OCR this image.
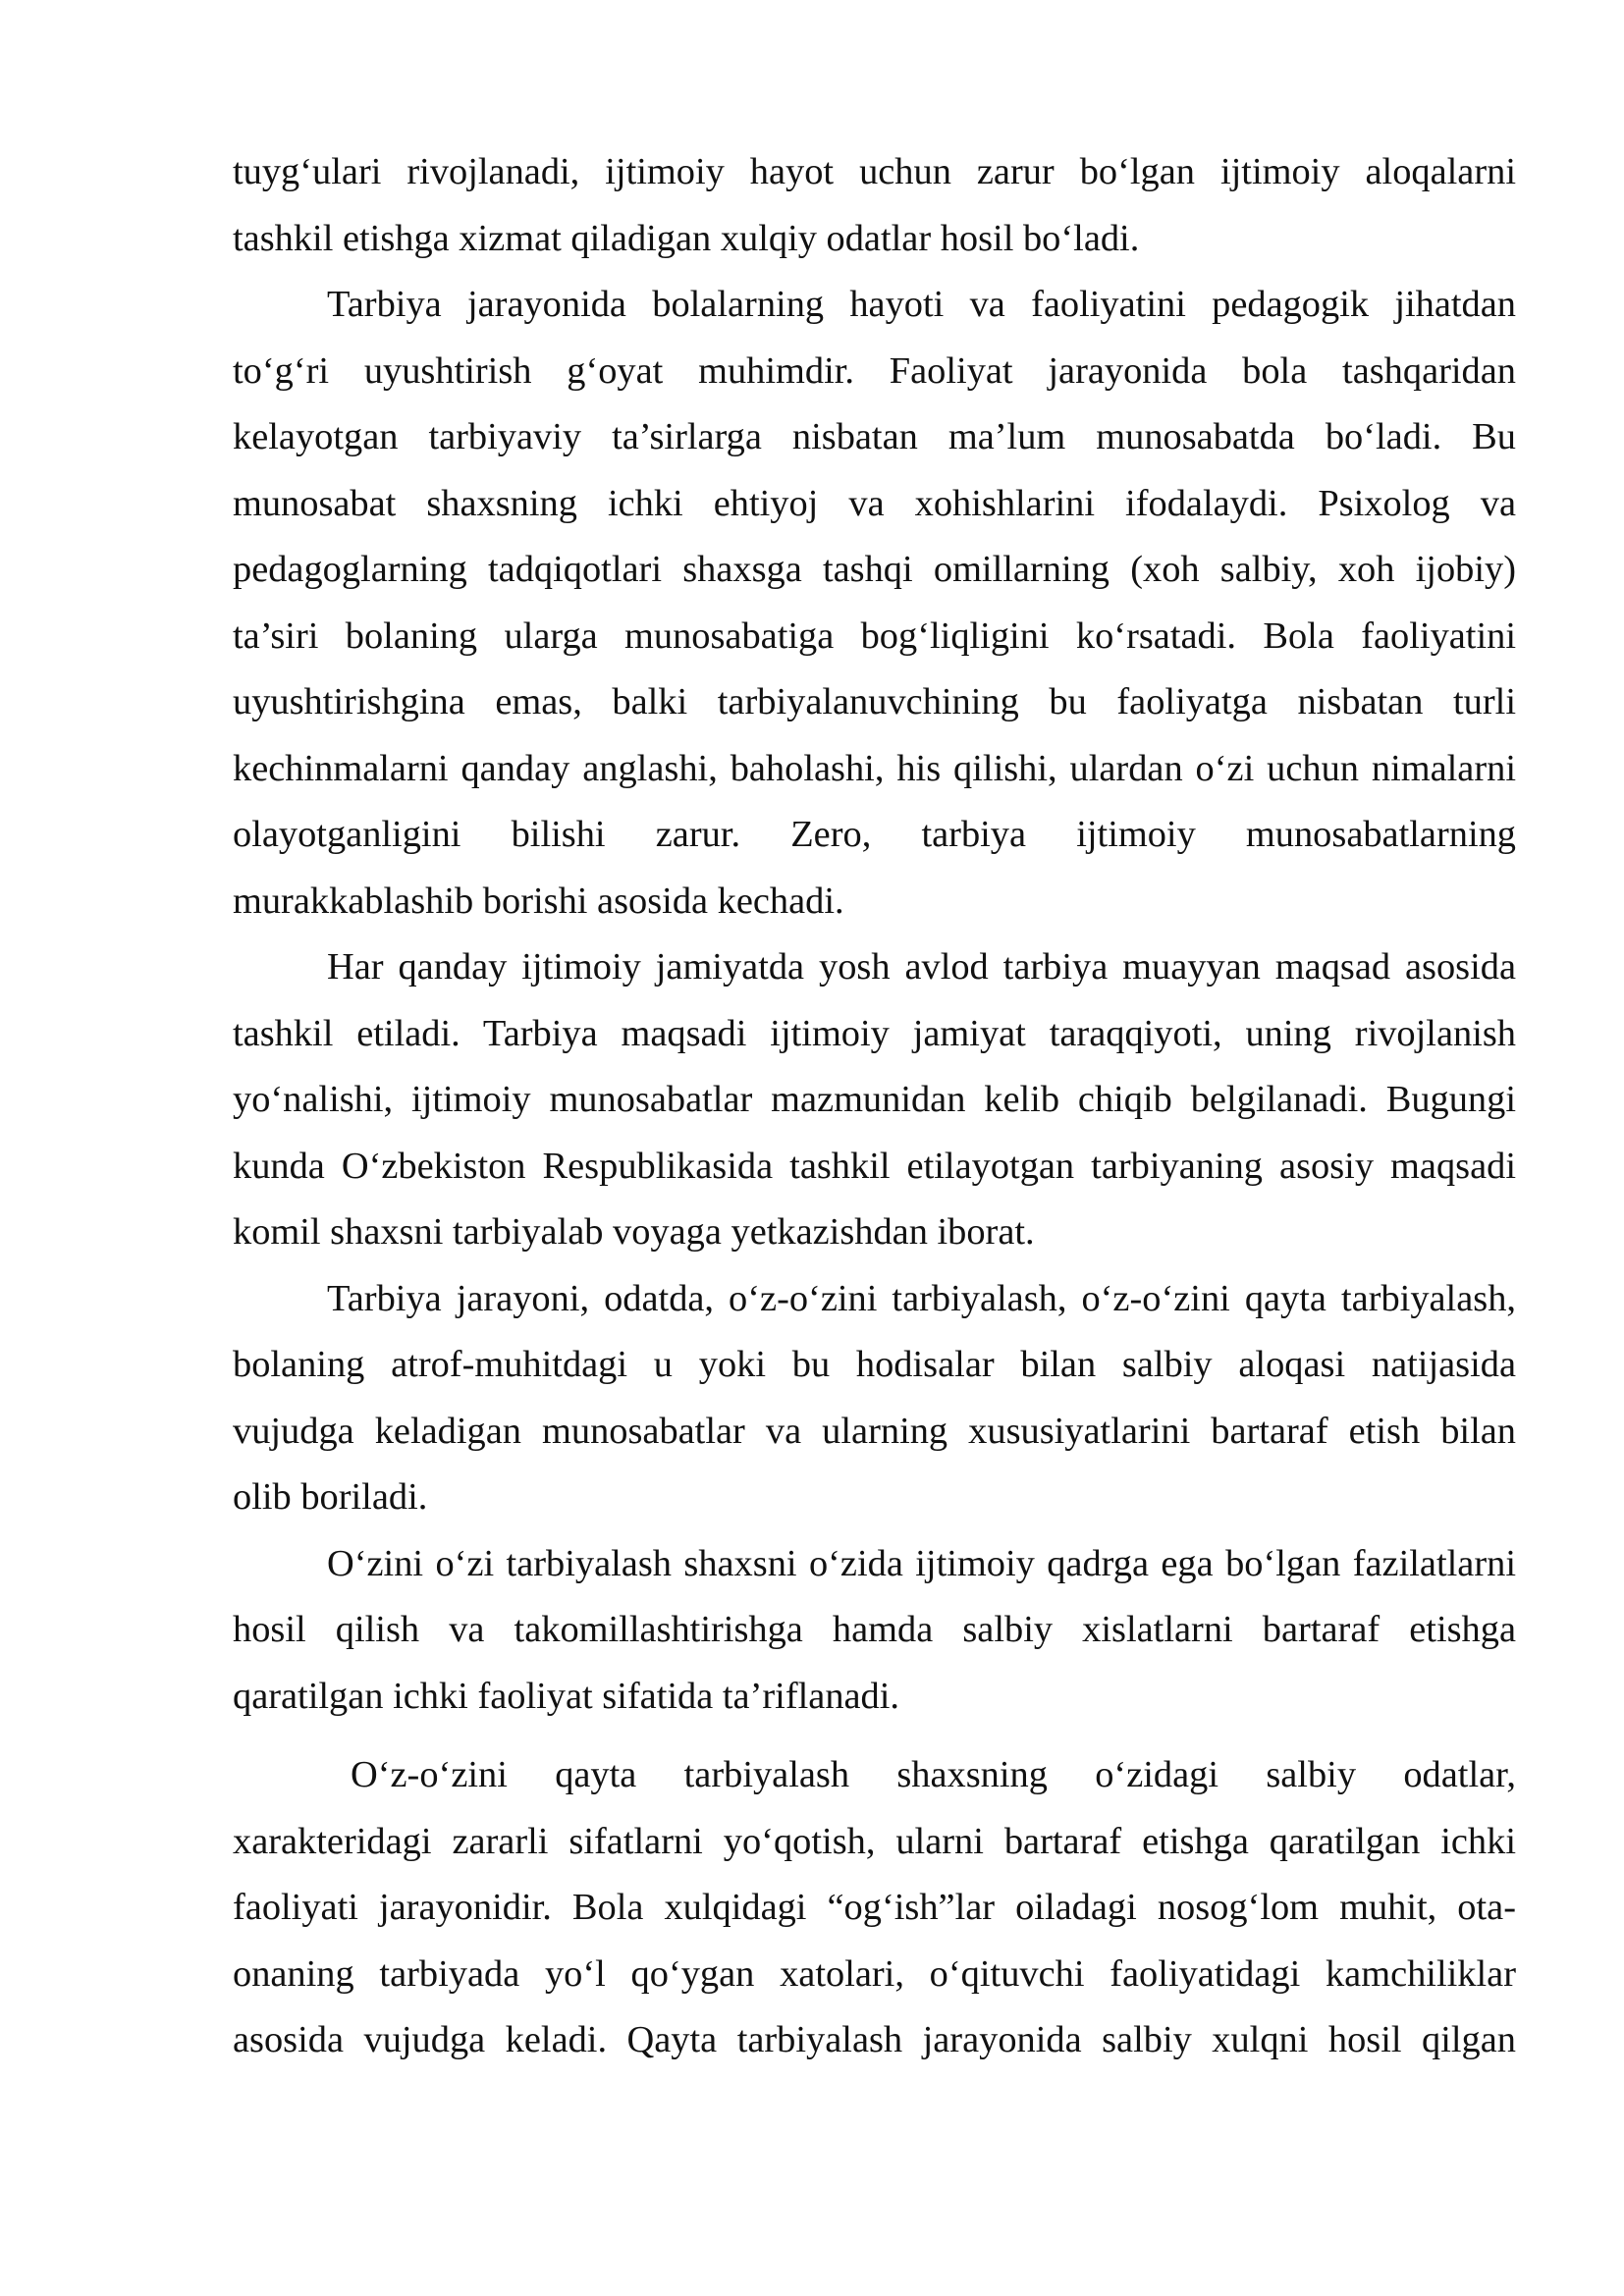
tuyg‘ulari rivojlanadi, ijtimoiy hayot uchun zarur bo‘lgan ijtimoiy aloqalarni
tashkil etishga xizmat qiladigan xulqiy odatlar hosil bo‘ladi.
Tarbiya jarayonida bolalarning hayoti va faoliyatini pedagogik jihatdan
to‘g‘ri uyushtirish g‘oyat muhimdir. Faoliyat jarayonida bola tashqaridan
kelayotgan tarbiyaviy ta’sirlarga nisbatan ma’lum munosabatda bo‘ladi. Bu
munosabat shaxsning ichki ehtiyoj va xohishlarini ifodalaydi. Psixolog va
pedagoglarning tadqiqotlari shaxsga tashqi omillarning (xoh salbiy, xoh ijobiy)
ta’siri bolaning ularga munosabatiga bog‘liqligini ko‘rsatadi. Bola faoliyatini
uyushtirishgina emas, balki tarbiyalanuvchining bu faoliyatga nisbatan turli
kechinmalarni qanday anglashi, baholashi, his qilishi, ulardan o‘zi uchun nimalarni
olayotganligini bilishi zarur. Zero, tarbiya ijtimoiy munosabatlarning
murakkablashib borishi asosida kechadi.
Har qanday ijtimoiy jamiyatda yosh avlod tarbiya muayyan maqsad asosida
tashkil etiladi. Tarbiya maqsadi ijtimoiy jamiyat taraqqiyoti, uning rivojlanish
yo‘nalishi, ijtimoiy munosabatlar mazmunidan kelib chiqib belgilanadi. Bugungi
kunda O‘zbekiston Respublikasida tashkil etilayotgan tarbiyaning asosiy maqsadi
komil shaxsni tarbiyalab voyaga yetkazishdan iborat.
Tarbiya jarayoni, odatda, o‘z-o‘zini tarbiyalash, o‘z-o‘zini qayta tarbiyalash,
bolaning atrof-muhitdagi u yoki bu hodisalar bilan salbiy aloqasi natijasida
vujudga keladigan munosabatlar va ularning xususiyatlarini bartaraf etish bilan
olib boriladi.
O‘zini o‘zi tarbiyalash shaxsni o‘zida ijtimoiy qadrga ega bo‘lgan fazilatlarni
hosil qilish va takomillashtirishga hamda salbiy xislatlarni bartaraf etishga
qaratilgan ichki faoliyat sifatida ta’riflanadi.
O‘z-o‘zini qayta tarbiyalash shaxsning o‘zidagi salbiy odatlar,
xarakteridagi zararli sifatlarni yo‘qotish, ularni bartaraf etishga qaratilgan ichki
faoliyati jarayonidir. Bola xulqidagi “og‘ish”lar oiladagi nosog‘lom muhit, ota-
onaning tarbiyada yo‘l qo‘ygan xatolari, o‘qituvchi faoliyatidagi kamchiliklar
asosida vujudga keladi. Qayta tarbiyalash jarayonida salbiy xulqni hosil qilgan
